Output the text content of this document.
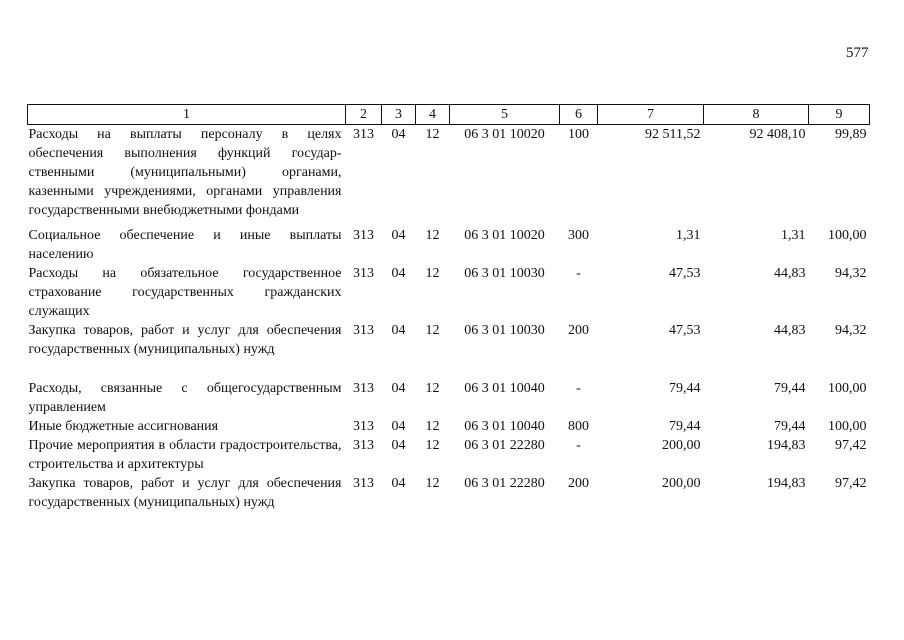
577
1	2	3	4	5	6	7	8	9
Расходы на выплаты персоналу в целях обеспечения выполнения функций государ-ственными (муниципальными) органами, казенными учреждениями, органами управления государственными внебюджетными фондами	313	04	12	06 3 01 10020	100	92 511,52	92 408,10	99,89
Социальное обеспечение и иные выплаты населению	313	04	12	06 3 01 10020	300	1,31	1,31	100,00
Расходы на обязательное государственное страхование государственных гражданских служащих	313	04	12	06 3 01 10030	-	47,53	44,83	94,32
Закупка товаров, работ и услуг для обеспечения государственных (муниципальных) нужд	313	04	12	06 3 01 10030	200	47,53	44,83	94,32
Расходы, связанные с общегосударственным управлением	313	04	12	06 3 01 10040	-	79,44	79,44	100,00
Иные бюджетные ассигнования	313	04	12	06 3 01 10040	800	79,44	79,44	100,00
Прочие мероприятия в области градостроительства, строительства и архитектуры	313	04	12	06 3 01 22280	-	200,00	194,83	97,42
Закупка товаров, работ и услуг для обеспечения государственных (муниципальных) нужд	313	04	12	06 3 01 22280	200	200,00	194,83	97,42
